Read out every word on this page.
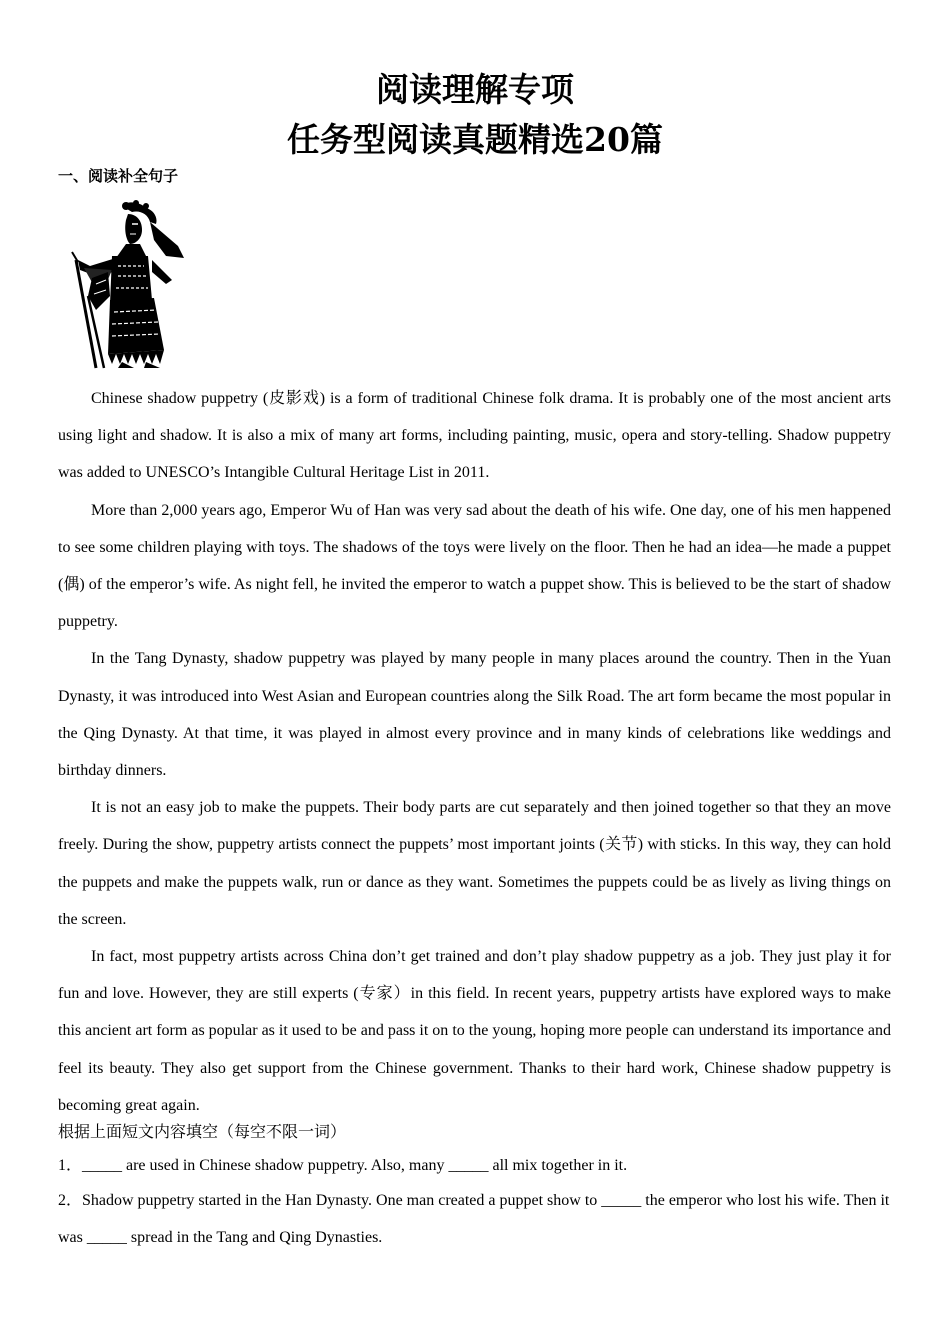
阅读理解专项
任务型阅读真题精选20篇
一、阅读补全句子

Chinese shadow puppetry (皮影戏) is a form of traditional Chinese folk drama. It is probably one of the most ancient arts using light and shadow. It is also a mix of many art forms, including painting, music, opera and story-telling. Shadow puppetry was added to UNESCO’s Intangible Cultural Heritage List in 2011.

More than 2,000 years ago, Emperor Wu of Han was very sad about the death of his wife. One day, one of his men happened to see some children playing with toys. The shadows of the toys were lively on the floor. Then he had an idea—he made a puppet (偶) of the emperor’s wife. As night fell, he invited the emperor to watch a puppet show. This is believed to be the start of shadow puppetry.

In the Tang Dynasty, shadow puppetry was played by many people in many places around the country. Then in the Yuan Dynasty, it was introduced into West Asian and European countries along the Silk Road. The art form became the most popular in the Qing Dynasty. At that time, it was played in almost every province and in many kinds of celebrations like weddings and birthday dinners.

It is not an easy job to make the puppets. Their body parts are cut separately and then joined together so that they an move freely. During the show, puppetry artists connect the puppets’ most important joints (关节) with sticks. In this way, they can hold the puppets and make the puppets walk, run or dance as they want. Sometimes the puppets could be as lively as living things on the screen.

In fact, most puppetry artists across China don’t get trained and don’t play shadow puppetry as a job. They just play it for fun and love. However, they are still experts (专家）in this field. In recent years, puppetry artists have explored ways to make this ancient art form as popular as it used to be and pass it on to the young, hoping more people can understand its importance and feel its beauty. They also get support from the Chinese government. Thanks to their hard work, Chinese shadow puppetry is becoming great again.

根据上面短文内容填空（每空不限一词）

1．_____ are used in Chinese shadow puppetry. Also, many _____ all mix together in it.

2．Shadow puppetry started in the Han Dynasty. One man created a puppet show to _____ the emperor who lost his wife. Then it was _____ spread in the Tang and Qing Dynasties.
